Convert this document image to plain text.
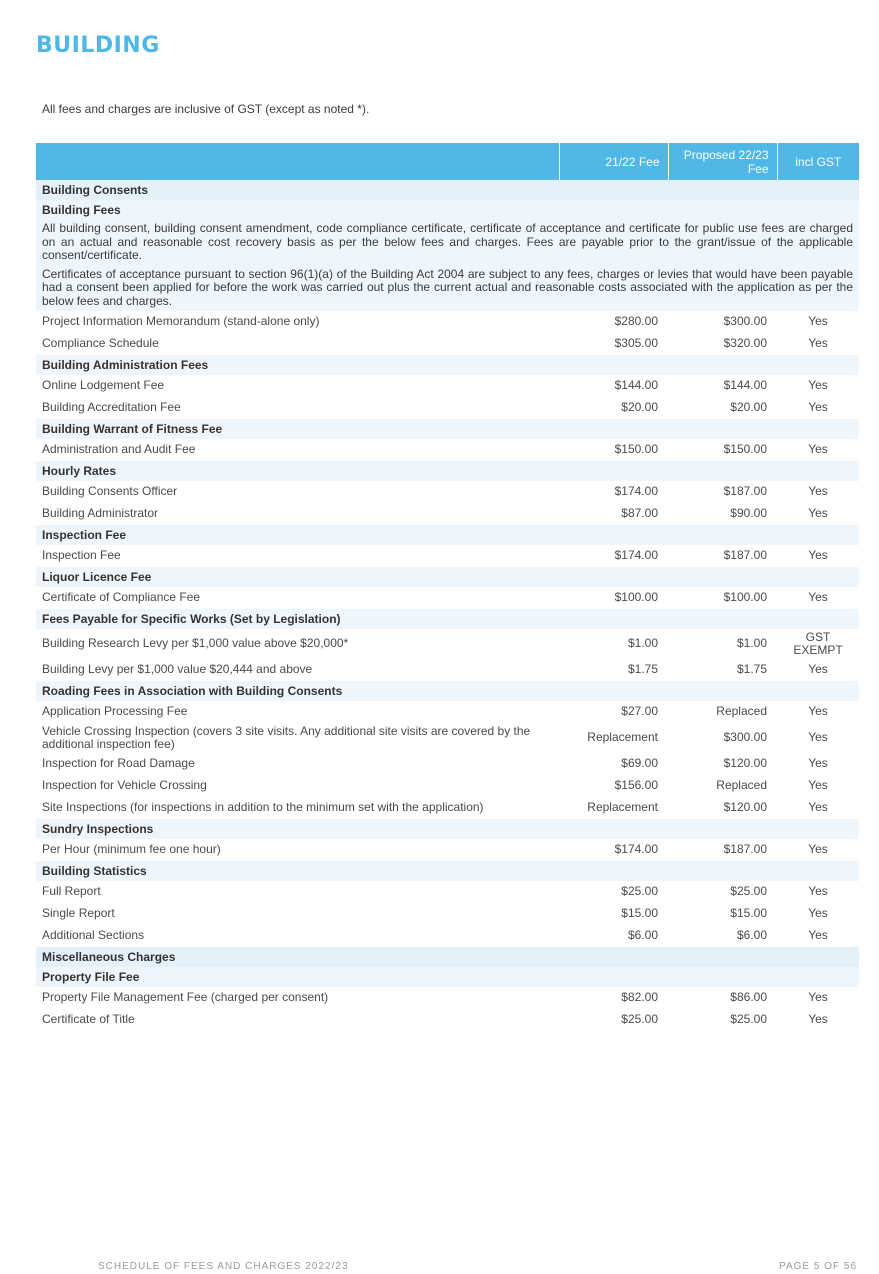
BUILDING

All fees and charges are inclusive of GST (except as noted *).

	21/22 Fee	Proposed 22/23 Fee	incl GST
Building Consents			
Building Fees			
All building consent, building consent amendment, code compliance certificate, certificate of acceptance and certificate for public use fees are charged on an actual and reasonable cost recovery basis as per the below fees and charges. Fees are payable prior to the grant/issue of the applicable consent/certificate.			
Certificates of acceptance pursuant to section 96(1)(a) of the Building Act 2004 are subject to any fees, charges or levies that would have been payable had a consent been applied for before the work was carried out plus the current actual and reasonable costs associated with the application as per the below fees and charges.			
Project Information Memorandum (stand-alone only)	$280.00	$300.00	Yes
Compliance Schedule	$305.00	$320.00	Yes
Building Administration Fees			
Online Lodgement Fee	$144.00	$144.00	Yes
Building Accreditation Fee	$20.00	$20.00	Yes
Building Warrant of Fitness Fee			
Administration and Audit Fee	$150.00	$150.00	Yes
Hourly Rates			
Building Consents Officer	$174.00	$187.00	Yes
Building Administrator	$87.00	$90.00	Yes
Inspection Fee			
Inspection Fee	$174.00	$187.00	Yes
Liquor Licence Fee			
Certificate of Compliance Fee	$100.00	$100.00	Yes
Fees Payable for Specific Works (Set by Legislation)			
Building Research Levy per $1,000 value above $20,000*	$1.00	$1.00	GST EXEMPT
Building Levy per $1,000 value $20,444 and above	$1.75	$1.75	Yes
Roading Fees in Association with Building Consents			
Application Processing Fee	$27.00	Replaced	Yes
Vehicle Crossing Inspection (covers 3 site visits. Any additional site visits are covered by the additional inspection fee)	Replacement	$300.00	Yes
Inspection for Road Damage	$69.00	$120.00	Yes
Inspection for Vehicle Crossing	$156.00	Replaced	Yes
Site Inspections (for inspections in addition to the minimum set with the application)	Replacement	$120.00	Yes
Sundry Inspections			
Per Hour (minimum fee one hour)	$174.00	$187.00	Yes
Building Statistics			
Full Report	$25.00	$25.00	Yes
Single Report	$15.00	$15.00	Yes
Additional Sections	$6.00	$6.00	Yes
Miscellaneous Charges			
Property File Fee			
Property File Management Fee (charged per consent)	$82.00	$86.00	Yes
Certificate of Title	$25.00	$25.00	Yes

SCHEDULE OF FEES AND CHARGES 2022/23	PAGE 5 OF 56
